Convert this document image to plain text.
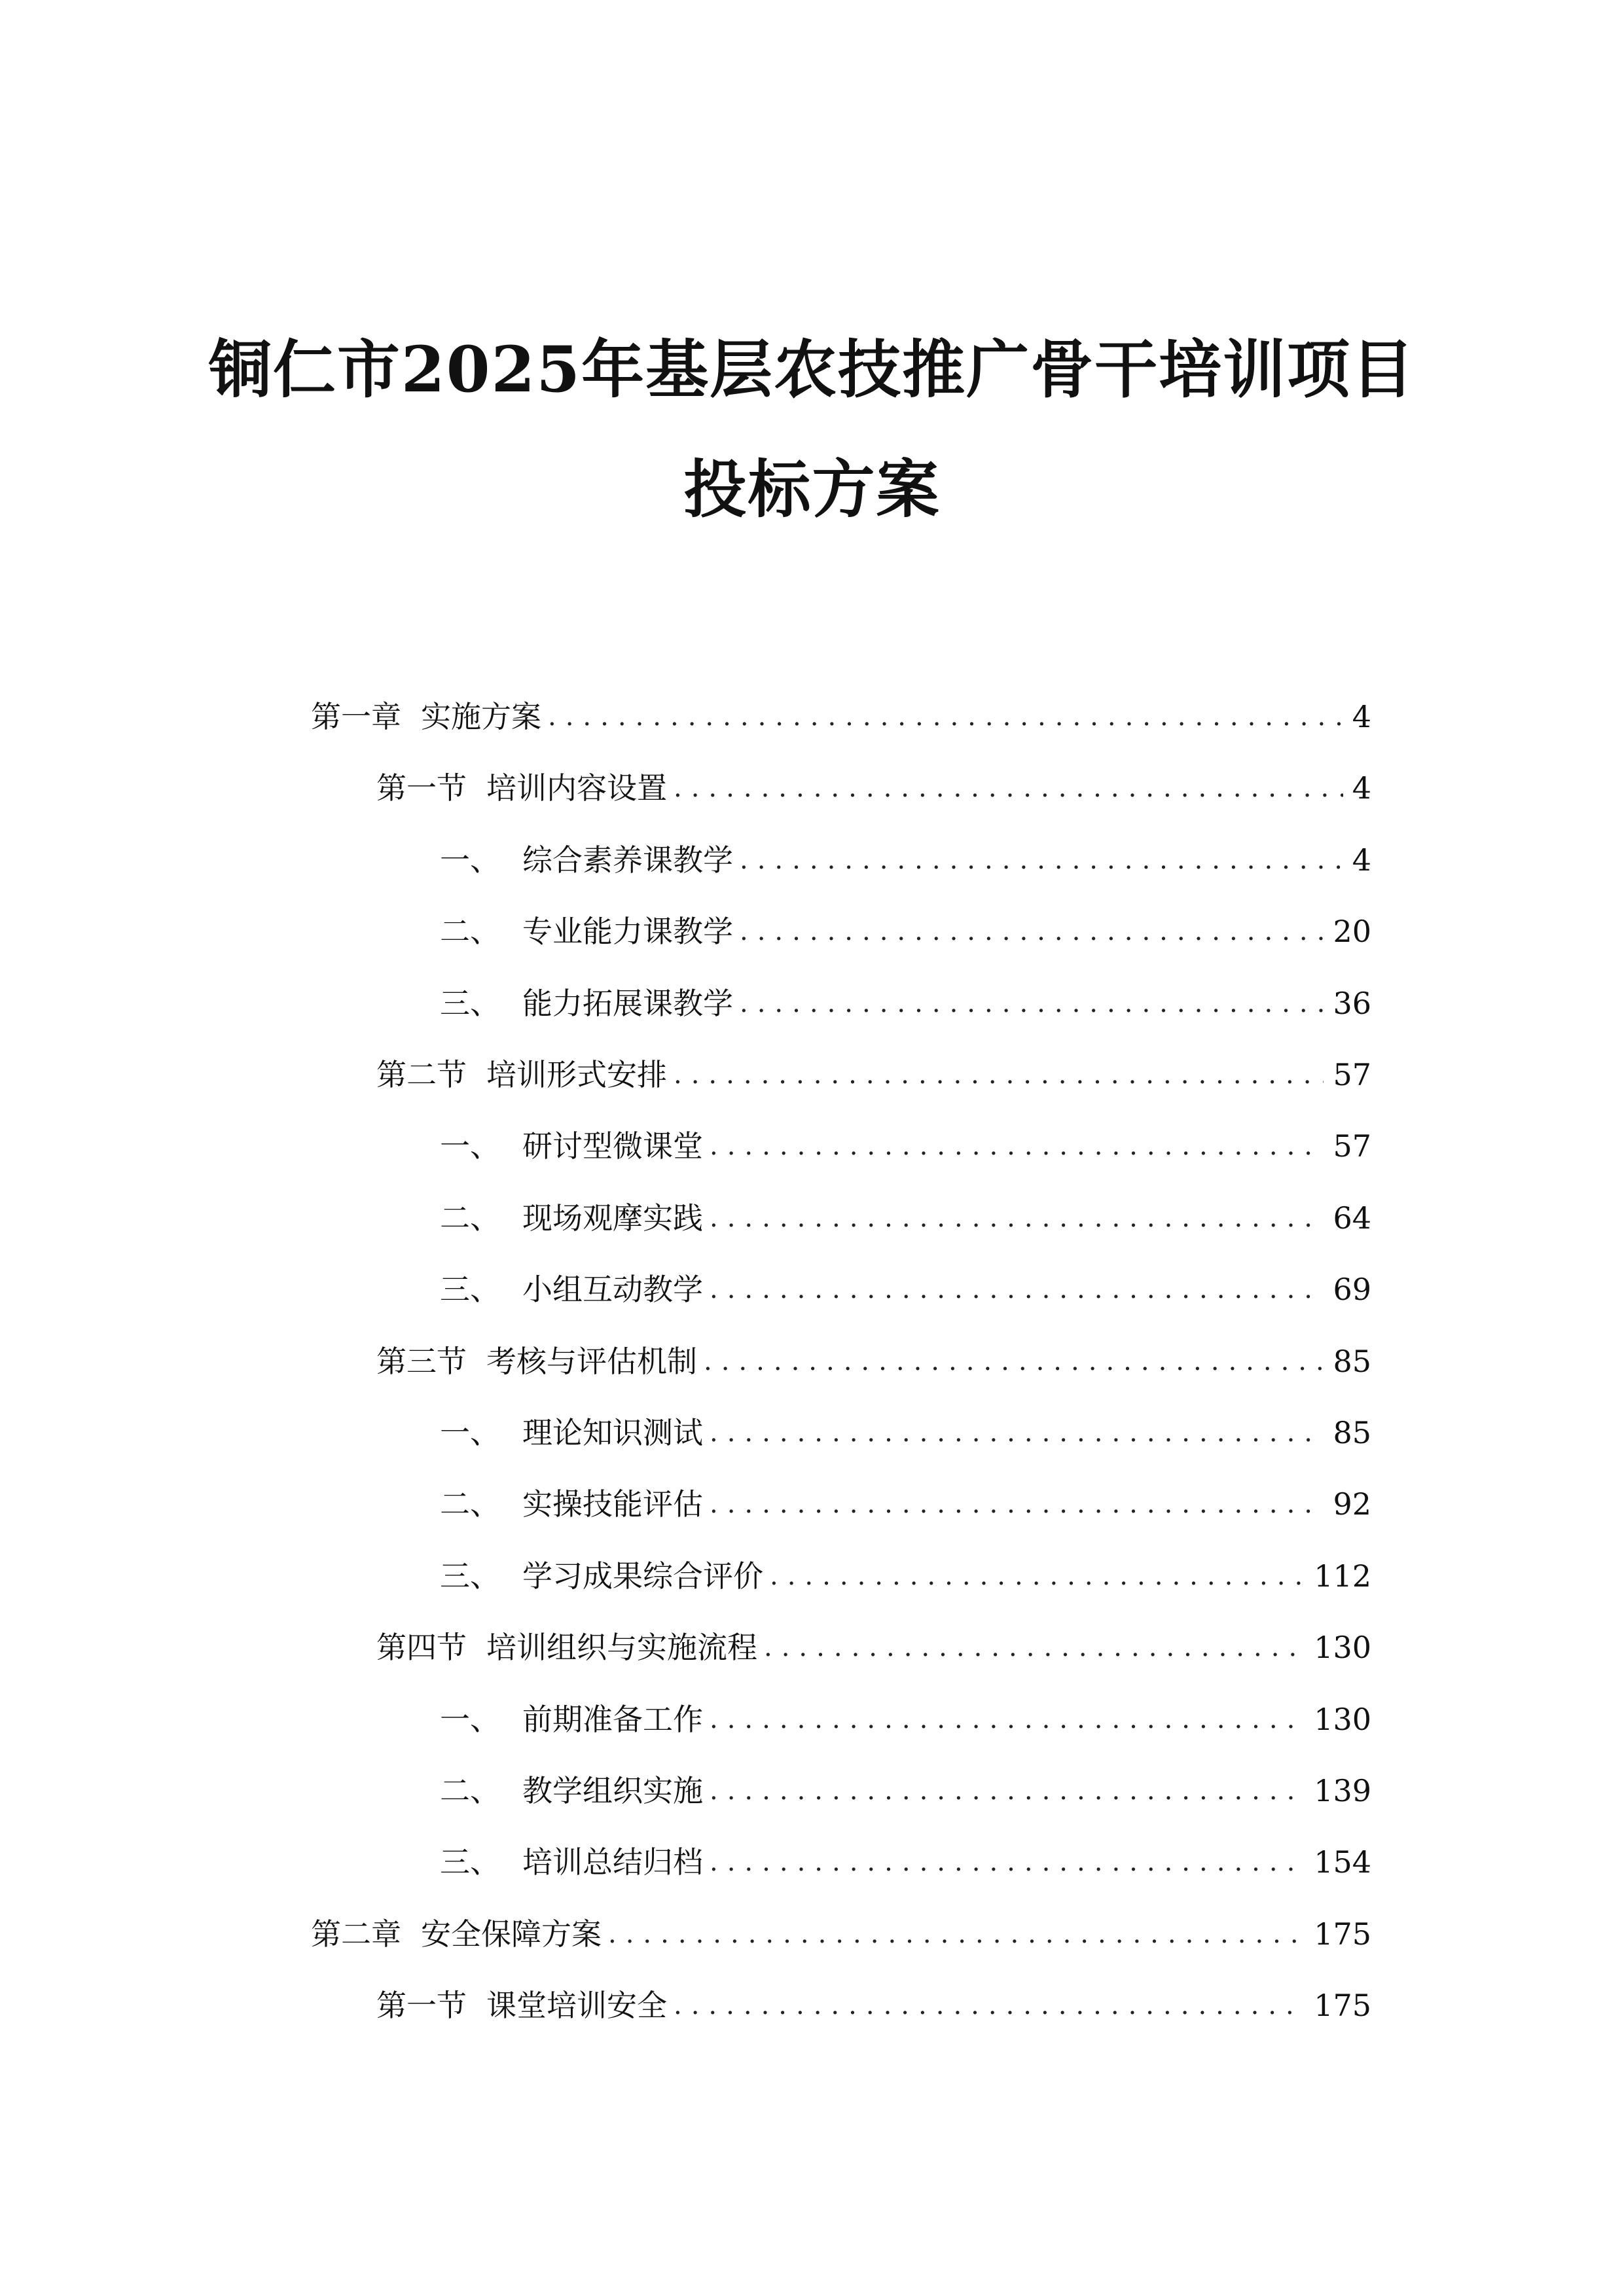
铜仁市2025年基层农技推广骨干培训项目
投标方案
第一章 实施方案 .....	4
第一节 培训内容设置 .....	4
一、 综合素养课教学 .....	4
二、 专业能力课教学 .....	20
三、 能力拓展课教学 .....	36
第二节 培训形式安排 .....	57
一、 研讨型微课堂 .....	57
二、 现场观摩实践 .....	64
三、 小组互动教学 .....	69
第三节 考核与评估机制 .....	85
一、 理论知识测试 .....	85
二、 实操技能评估 .....	92
三、 学习成果综合评价 .....	112
第四节 培训组织与实施流程 .....	130
一、 前期准备工作 .....	130
二、 教学组织实施 .....	139
三、 培训总结归档 .....	154
第二章 安全保障方案 .....	175
第一节 课堂培训安全 .....	175
